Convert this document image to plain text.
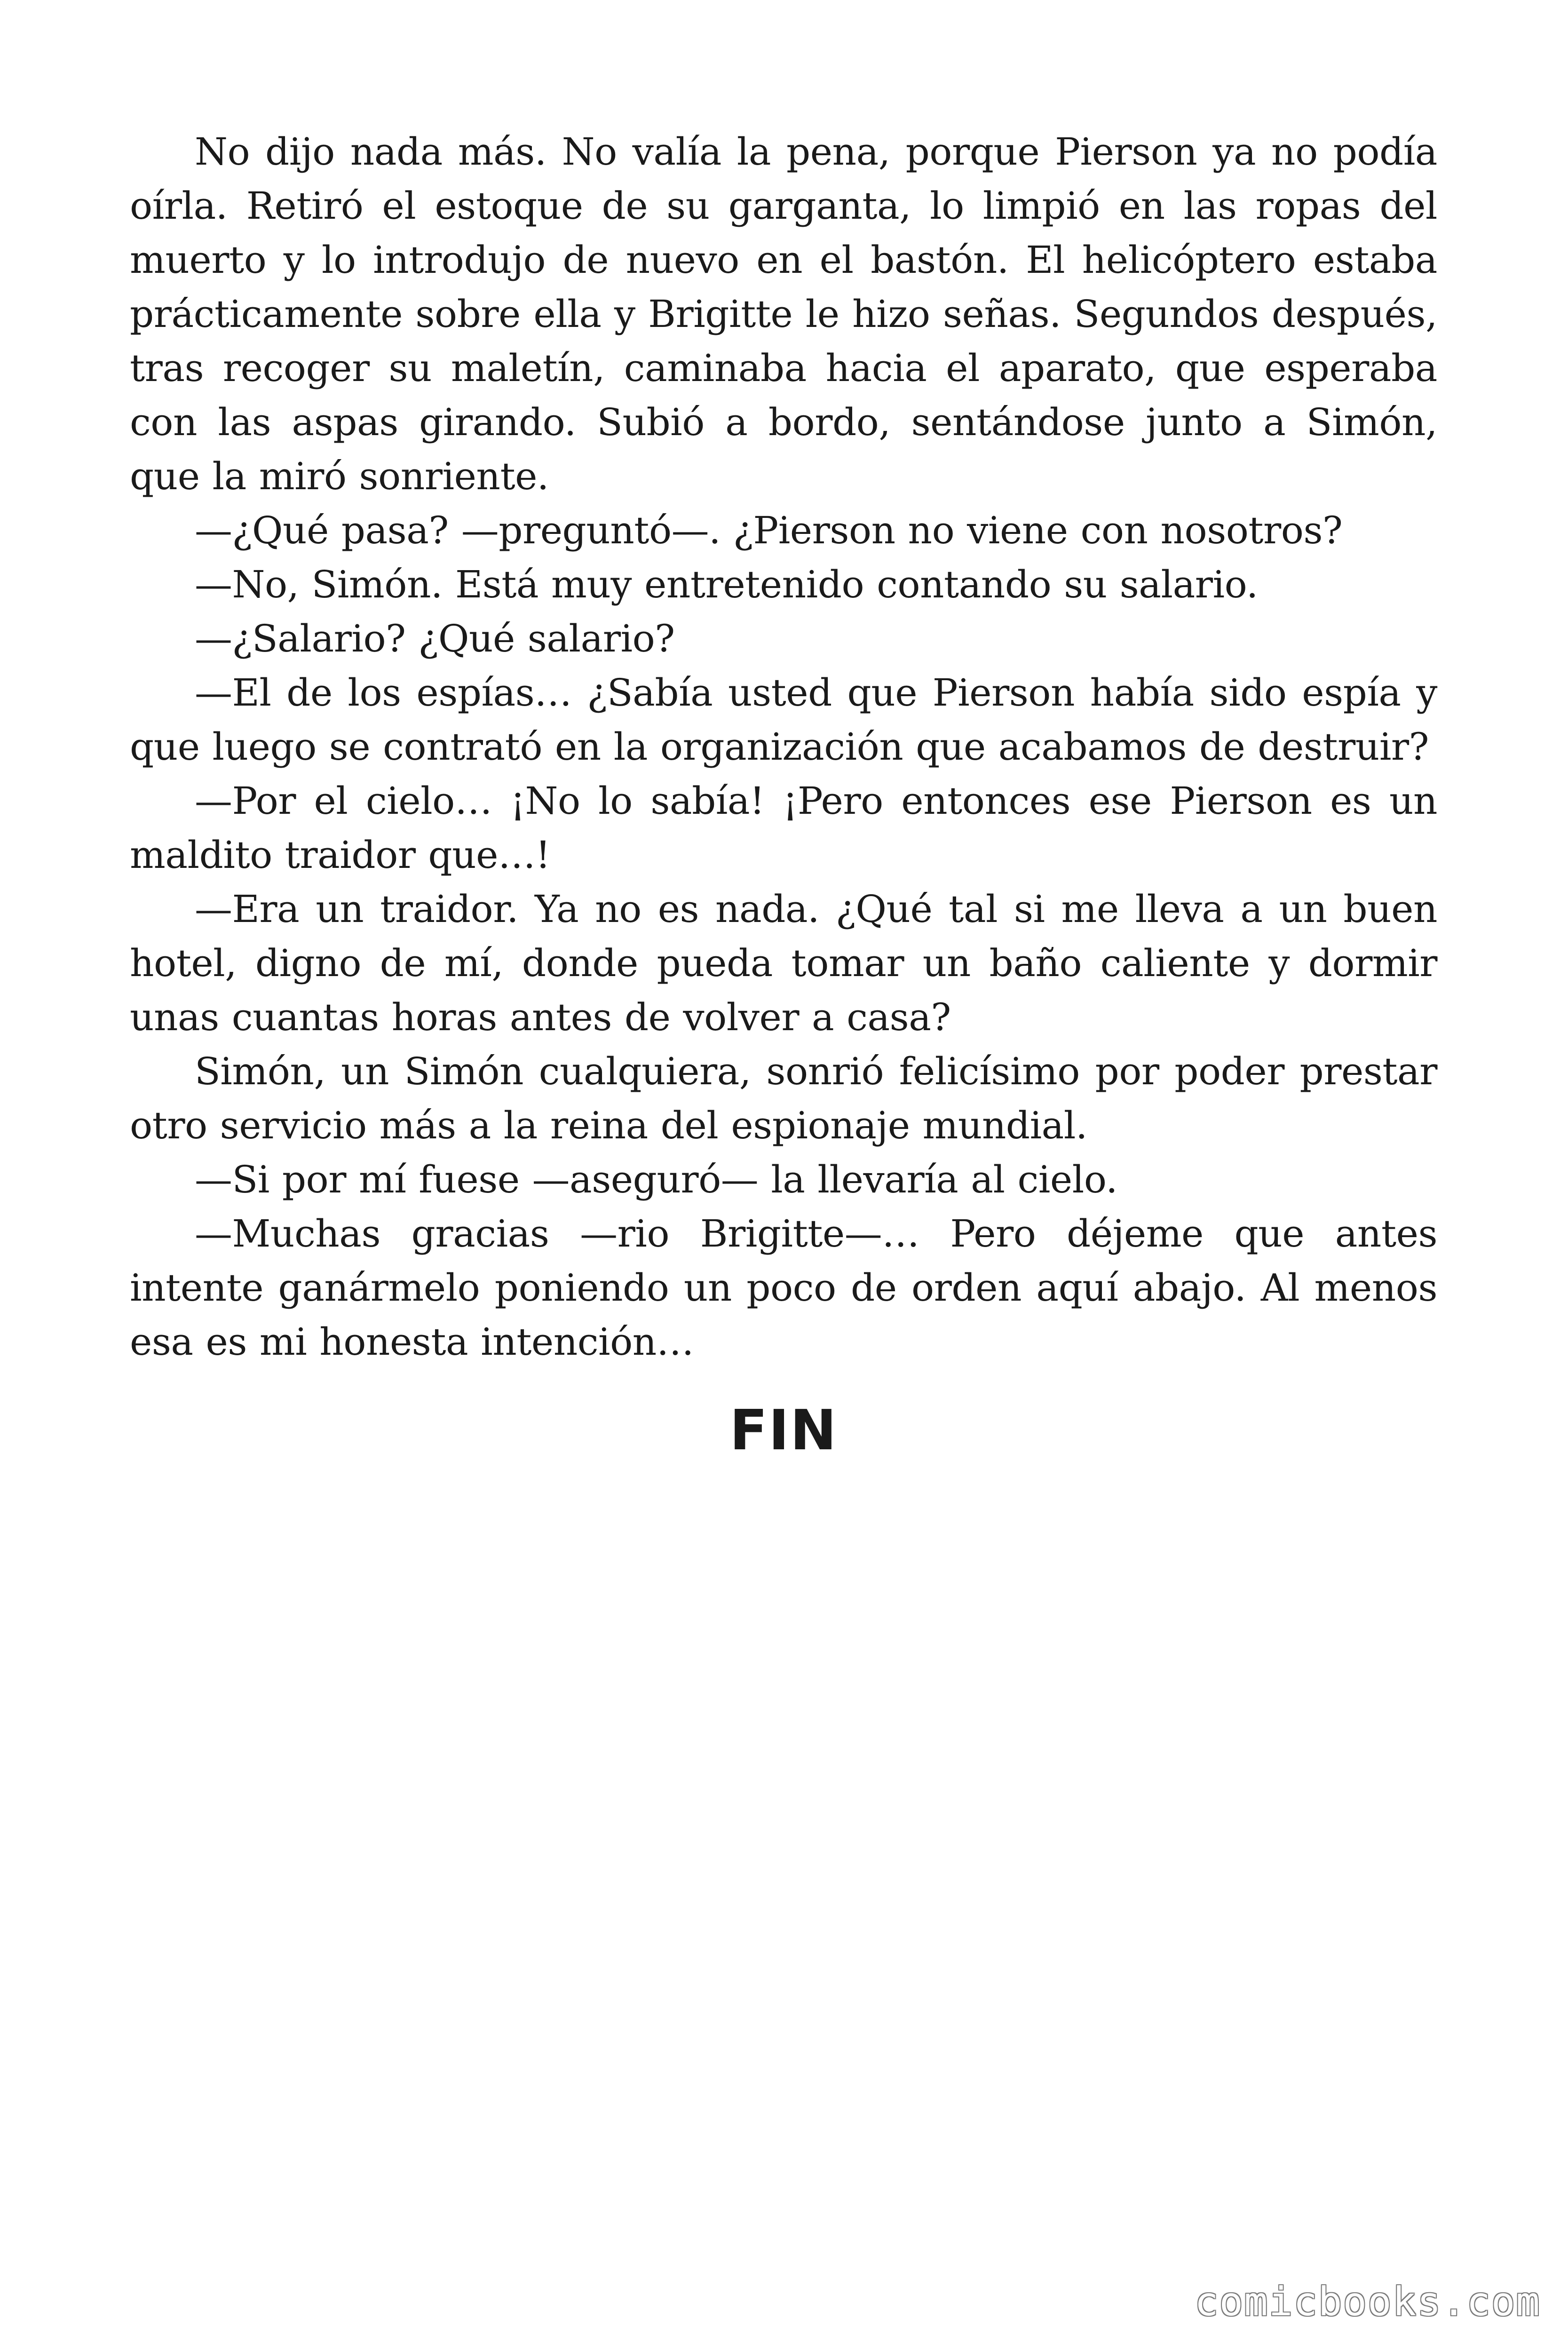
No dijo nada más. No valía la pena, porque Pierson ya no podía oírla. Retiró el estoque de su garganta, lo limpió en las ropas del muerto y lo introdujo de nuevo en el bastón. El helicóptero estaba prácticamente sobre ella y Brigitte le hizo señas. Segundos después, tras recoger su maletín, caminaba hacia el aparato, que esperaba con las aspas girando. Subió a bordo, sentándose junto a Simón, que la miró sonriente.

—¿Qué pasa? —preguntó—. ¿Pierson no viene con nosotros?

—No, Simón. Está muy entretenido contando su salario.

—¿Salario? ¿Qué salario?

—El de los espías… ¿Sabía usted que Pierson había sido espía y que luego se contrató en la organización que acabamos de destruir?

—Por el cielo… ¡No lo sabía! ¡Pero entonces ese Pierson es un maldito traidor que…!

—Era un traidor. Ya no es nada. ¿Qué tal si me lleva a un buen hotel, digno de mí, donde pueda tomar un baño caliente y dormir unas cuantas horas antes de volver a casa?

Simón, un Simón cualquiera, sonrió felicísimo por poder prestar otro servicio más a la reina del espionaje mundial.

—Si por mí fuese —aseguró— la llevaría al cielo.

—Muchas gracias —rio Brigitte—… Pero déjeme que antes intente ganármelo poniendo un poco de orden aquí abajo. Al menos esa es mi honesta intención…

FIN
comicbooks.com
